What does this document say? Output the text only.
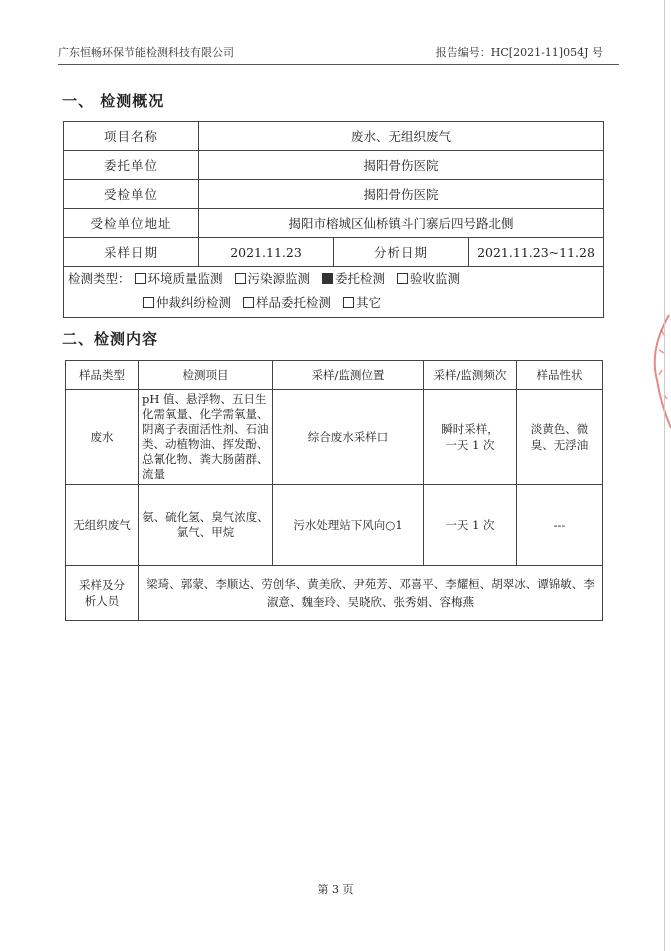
广东恒畅环保节能检测科技有限公司	报告编号：HC[2021-11]054J 号
一、 检测概况
项目名称	废水、无组织废气		
委托单位	揭阳骨伤医院		
受检单位	揭阳骨伤医院		
受检单位地址	揭阳市榕城区仙桥镇斗门寨后四号路北侧		
采样日期	2021.11.23	分析日期	2021.11.23~11.28

检测类型： 环境质量监测 污染源监测 委托检测 验收监测
仲裁纠纷检测 样品委托检测 其它			
二、检测内容
样品类型	检测项目	采样/监测位置	采样/监测频次	样品性状
废水	pH 值、悬浮物、五日生化需氧量、化学需氧量、阴离子表面活性剂、石油类、动植物油、挥发酚、总氰化物、粪大肠菌群、流量	综合废水采样口	瞬时采样，一天 1 次	淡黄色、微臭、无浮油
无组织废气	氨、硫化氢、臭气浓度、氯气、甲烷	污水处理站下风向○1	一天 1 次	---
采样及分析人员	梁琦、郭蒙、李顺达、劳创华、黄美欣、尹苑芳、邓喜平、李耀桓、胡翠冰、谭锦敏、李淑意、魏奎玲、吴晓欣、张秀娟、容梅燕			
第 3 页
